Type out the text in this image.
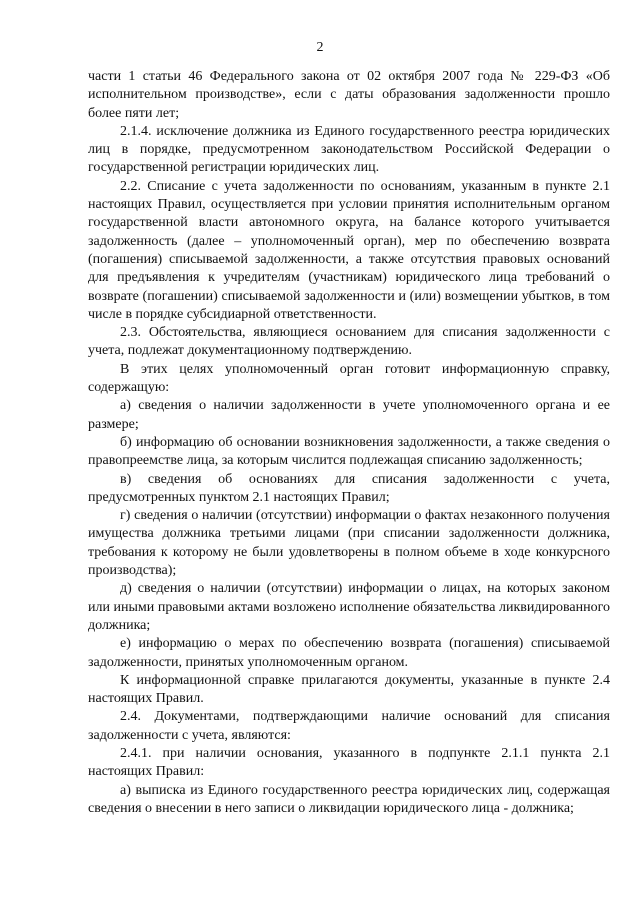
2

части 1 статьи 46 Федерального закона от 02 октября 2007 года № 229-ФЗ «Об исполнительном производстве», если с даты образования задолженности прошло более пяти лет;

2.1.4. исключение должника из Единого государственного реестра юридических лиц в порядке, предусмотренном законодательством Российской Федерации о государственной регистрации юридических лиц.

2.2. Списание с учета задолженности по основаниям, указанным в пункте 2.1 настоящих Правил, осуществляется при условии принятия исполнительным органом государственной власти автономного округа, на балансе которого учитывается задолженность (далее – уполномоченный орган), мер по обеспечению возврата (погашения) списываемой задолженности, а также отсутствия правовых оснований для предъявления к учредителям (участникам) юридического лица требований о возврате (погашении) списываемой задолженности и (или) возмещении убытков, в том числе в порядке субсидиарной ответственности.

2.3. Обстоятельства, являющиеся основанием для списания задолженности с учета, подлежат документационному подтверждению.

В этих целях уполномоченный орган готовит информационную справку, содержащую:

а) сведения о наличии задолженности в учете уполномоченного органа и ее размере;

б) информацию об основании возникновения задолженности, а также сведения о правопреемстве лица, за которым числится подлежащая списанию задолженность;

в) сведения об основаниях для списания задолженности с учета, предусмотренных пунктом 2.1 настоящих Правил;

г) сведения о наличии (отсутствии) информации о фактах незаконного получения имущества должника третьими лицами (при списании задолженности должника, требования к которому не были удовлетворены в полном объеме в ходе конкурсного производства);

д) сведения о наличии (отсутствии) информации о лицах, на которых законом или иными правовыми актами возложено исполнение обязательства ликвидированного должника;

е) информацию о мерах по обеспечению возврата (погашения) списываемой задолженности, принятых уполномоченным органом.

К информационной справке прилагаются документы, указанные в пункте 2.4 настоящих Правил.

2.4. Документами, подтверждающими наличие оснований для списания задолженности с учета, являются:

2.4.1. при наличии основания, указанного в подпункте 2.1.1 пункта 2.1 настоящих Правил:

а) выписка из Единого государственного реестра юридических лиц, содержащая сведения о внесении в него записи о ликвидации юридического лица - должника;
